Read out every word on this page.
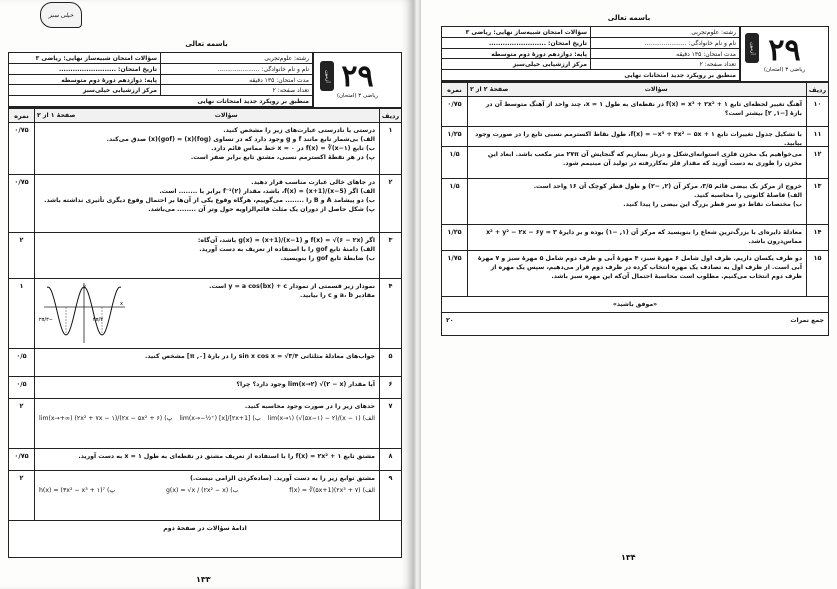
خیلی سبز
باسمه تعالی
سؤالات امتحان شبیه‌ساز نهایی: ریاضی ۳	رشته: علوم‌تجربی
تاریخ امتحان: .........................	نام و نام خانوادگی: ......................
پایه: دوازدهم دورهٔ دوم متوسطه	مدت امتحان: ۱۳۵ دقیقه
مرکز ارزشیابی خیلی‌سبز	تعداد صفحه: ۲
منطبق بر رویکرد جدید امتحانات نهایی
آزمون ۲۹
ریاضی ۳ (امتحان)
ردیف
صفحهٔ ۱ از ۲	سؤالات
نمره
۱
درستی یا نادرستی عبارت‌های زیر را مشخص کنید.
الف) بی‌شمار تابع مانند f و g وجود دارد که در تساوی (fog)(x) = (gof)(x) صدق می‌کند.
ب) تابع f(x) = ∛(x−۱) در x = ۰ خط مماس قائم دارد.
پ) در هر نقطهٔ اکسترمم نسبی، مشتق تابع برابر صفر است.
۰/۷۵
۲
در جاهای خالی عبارت مناسب قرار دهید.
الف) اگر f(x) = (x+1)/(x−5)، باشد، مقدار f⁻¹(۲) برابر با ........ است.
ب) دو پیشامد A و B را ........ می‌گوییم، هرگاه وقوع یکی از آن‌ها بر احتمال وقوع دیگری تأثیری نداشته باشد.
پ) شکل حاصل از دوران یک مثلث قائم‌الزاویه حول وتر آن ........ می‌باشد.
۰/۷۵
۳
اگر f(x) = √(۶ − ۲x) و g(x) = (x+1)/(x−1) باشد، آن‌گاه:
الف) دامنهٔ تابع gof را با استفاده از تعریف به دست آورید.
ب) ضابطهٔ تابع gof را بنویسید.
۲
۴
نمودار زیر قسمتی از نمودار y = a cos(bx) + c است.
مقادیر a، b و c را بیابید.
۱	y
x
−۲π/۳	۲π/۳
۵
جواب‌های معادلهٔ مثلثاتی sin x cos x = √۳/۴ را در بازهٔ [۰, π] مشخص کنید.
۰/۵
۶
آیا مقدار lim(x→۲) √(۲ − x) وجود دارد؟ چرا؟
۰/۵
۷
حدهای زیر را در صورت وجود محاسبه کنید.
الف) lim(x→۱) (√(۵x−۱) − ۲)/(x − ۱)
ب) lim(x→−½⁺) [x]/[۲x+1]
پ) lim(x→+∞) (۲x² + ۷x − ۱)/(۲x − ۵x² + ۶)
۲
۸
مشتق تابع f(x) = ۲x² + ۱ را با استفاده از تعریف مشتق در نقطه‌ای به طول ۱ = x به دست آورید.
۰/۷۵
۹
مشتق توابع زیر را به دست آورید. (ساده‌کردن الزامی نیست.)
الف) f(x) = ∛(۵x+1)(۲x³ + ۷)
ب) g(x) = √x / (۲x² − x)
پ) h(x) = (۳x² − x³ + ۱)⁷
۲
ادامهٔ سؤالات در صفحهٔ دوم
۱۳۳
باسمه تعالی
سؤالات امتحان شبیه‌ساز نهایی: ریاضی ۳	رشته: علوم‌تجربی
تاریخ امتحان: .........................	نام و نام خانوادگی: ......................
پایه: دوازدهم دورهٔ دوم متوسطه	مدت امتحان: ۱۳۵ دقیقه
مرکز ارزشیابی خیلی‌سبز	تعداد صفحه: ۲
منطبق بر رویکرد جدید امتحانات نهایی
آزمون ۲۹
ریاضی ۳ (امتحان)
ردیف
صفحهٔ ۲ از ۲	سؤالات
نمره
۱۰
آهنگ تغییر لحظه‌ای تابع f(x) = x³ + ۲x² + ۱ در نقطه‌ای به طول x = ۱، چند واحد از آهنگ متوسط آن در بازهٔ [−۱, ۲] بیشتر است؟
۰/۷۵
۱۱
با تشکیل جدول تغییرات تابع f(x) = −x³ + ۴x² − ۵x + ۱، طول نقاط اکسترمم نسبی تابع را در صورت وجود بیابید.
۱/۲۵
۱۲
می‌خواهیم یک مخزن فلزی استوانه‌ای‌شکل و درباز بسازیم که گنجایش آن ۲۷π متر مکعب باشد. ابعاد این مخزن را طوری به دست آورید که مقدار فلز به‌کاررفته در تولید آن مینیمم شود.
۱/۵
۱۳
خروج از مرکز یک بیضی قائم ۳/۵، مرکز آن (۲, −۲) و طول قطر کوچک آن ۱۶ واحد است.
الف) فاصلهٔ کانونی را محاسبه کنید.
ب) مختصات نقاط دو سر قطر بزرگ این بیضی را پیدا کنید.
۱/۵
۱۴
معادلهٔ دایره‌ای با بزرگ‌ترین شعاع را بنویسید که مرکز آن (۱, −۱) بوده و بر دایرهٔ x² + y² − ۲x − ۶y = ۳ مماس‌درون باشد.
۱/۲۵
۱۵
دو ظرف یکسان داریم. ظرف اول شامل ۶ مهرهٔ سبز، ۴ مهرهٔ آبی و ظرف دوم شامل ۵ مهرهٔ سبز و ۷ مهرهٔ آبی است. از ظرف اول به تصادف یک مهره انتخاب کرده در ظرف دوم قرار می‌دهیم، سپس یک مهره از ظرف دوم انتخاب می‌کنیم. مطلوب است محاسبهٔ احتمال آن‌که این مهره سبز باشد.
۱/۷۵
«موفق باشید»
جمع نمرات
۲۰
۱۳۴
